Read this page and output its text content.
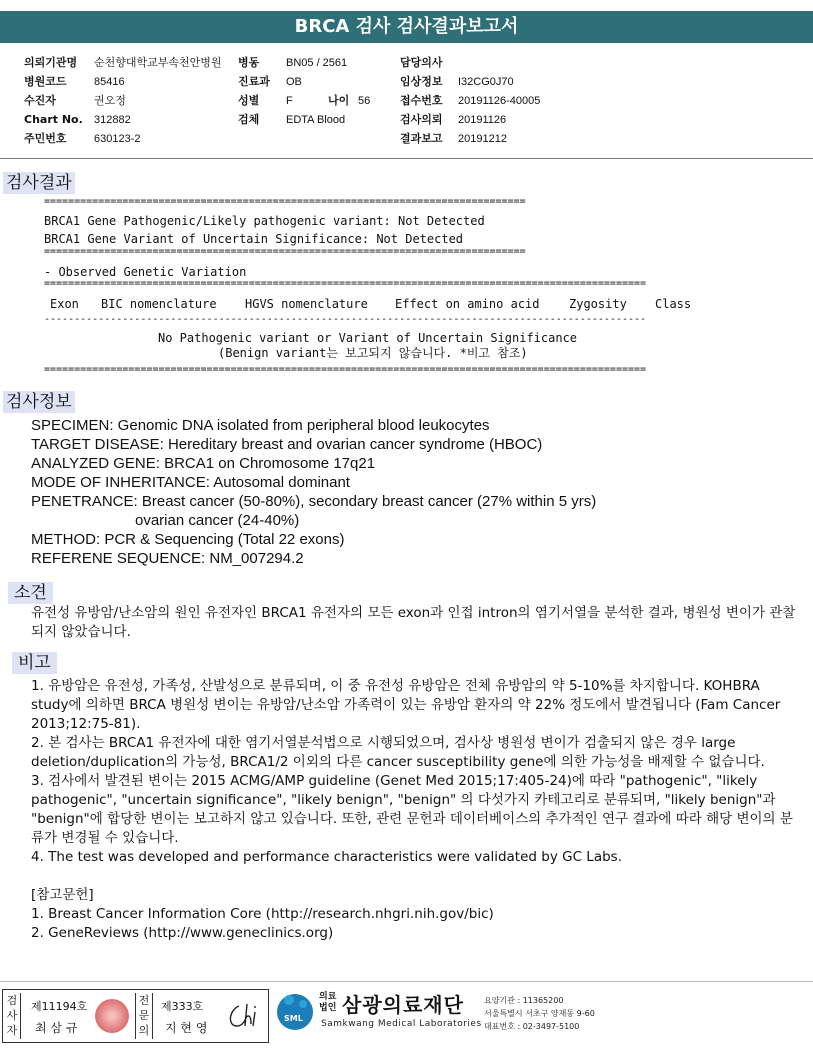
BRCA 검사 검사결과보고서
의뢰기관명 순천향대학교부속천안병원
병원코드 85416
수진자	권오정
Chart No. 312882
주민번호 630123-2
병동 BN05 / 2561
진료과 OB
성별 F	나이 56
검체 EDTA Blood
담당의사
임상정보 I32CG0J70
접수번호 20191126-40005
검사의뢰 20191126
결과보고 20191212
검사결과
================================================================================
BRCA1 Gene Pathogenic/Likely pathogenic variant: Not Detected
BRCA1 Gene Variant of Uncertain Significance: Not Detected
================================================================================
- Observed Genetic Variation
====================================================================================================
Exon BIC nomenclature HGVS nomenclature Effect on amino acid Zygosity Class
----------------------------------------------------------------------------------------------------
No Pathogenic variant or Variant of Uncertain Significance
(Benign variant는 보고되지 않습니다. *비고 참조)
====================================================================================================
검사정보
SPECIMEN: Genomic DNA isolated from peripheral blood leukocytes
TARGET DISEASE: Hereditary breast and ovarian cancer syndrome (HBOC)
ANALYZED GENE: BRCA1 on Chromosome 17q21
MODE OF INHERITANCE: Autosomal dominant
PENETRANCE: Breast cancer (50-80%), secondary breast cancer (27% within 5 yrs)
ovarian cancer (24-40%)
METHOD: PCR & Sequencing (Total 22 exons)
REFERENE SEQUENCE: NM_007294.2
소견
유전성 유방암/난소암의 원인 유전자인 BRCA1 유전자의 모든 exon과 인접 intron의 염기서열을 분석한 결과, 병원성 변이가 관찰되지 않았습니다.
비고
1. 유방암은 유전성, 가족성, 산발성으로 분류되며, 이 중 유전성 유방암은 전체 유방암의 약 5-10%를 차지합니다. KOHBRA study에 의하면 BRCA 병원성 변이는 유방암/난소암 가족력이 있는 유방암 환자의 약 22% 정도에서 발견됩니다 (Fam Cancer 2013;12:75-81).
2. 본 검사는 BRCA1 유전자에 대한 염기서열분석법으로 시행되었으며, 검사상 병원성 변이가 검출되지 않은 경우 large deletion/duplication의 가능성, BRCA1/2 이외의 다른 cancer susceptibility gene에 의한 가능성을 배제할 수 없습니다.
3. 검사에서 발견된 변이는 2015 ACMG/AMP guideline (Genet Med 2015;17:405-24)에 따라 "pathogenic", "likely pathogenic", "uncertain significance", "likely benign", "benign" 의 다섯가지 카테고리로 분류되며, "likely benign"과 "benign"에 합당한 변이는 보고하지 않고 있습니다. 또한, 관련 문헌과 데이터베이스의 추가적인 연구 결과에 따라 해당 변이의 분류가 변경될 수 있습니다.
4. The test was developed and performance characteristics were validated by GC Labs.
[참고문헌]
1. Breast Cancer Information Core (http://research.nhgri.nih.gov/bic)
2. GeneReviews (http://www.geneclinics.org)
검사자
제11194호
최 삼 규
전문의
제333호
지 현 영
SML
의료
법인 삼광의료재단
Samkwang Medical Laboratories
요양기관 : 11365200
서울특별시 서초구 양재동 9-60
대표번호 : 02-3497-5100
